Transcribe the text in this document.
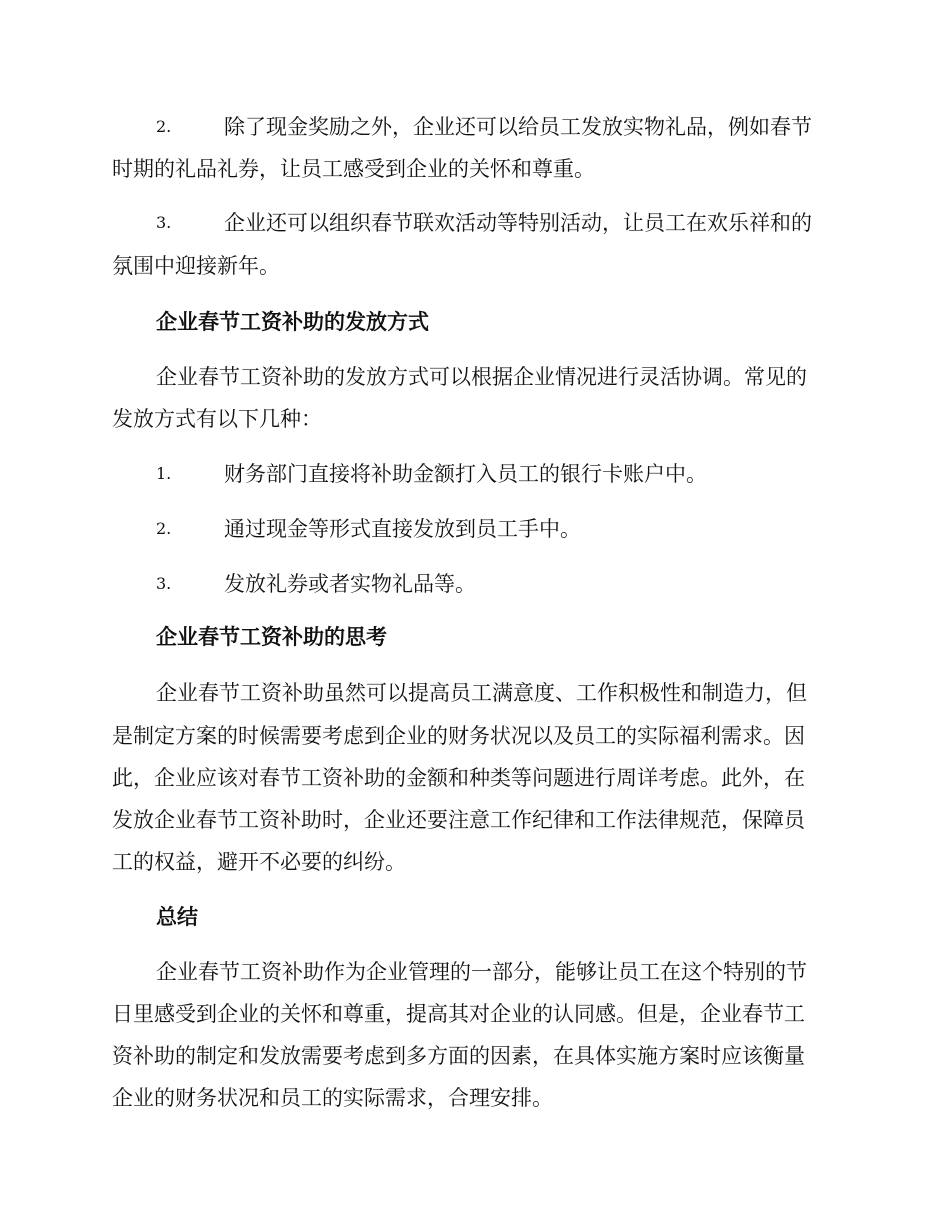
2.	除了现金奖励之外，企业还可以给员工发放实物礼品，例如春节
时期的礼品礼券，让员工感受到企业的关怀和尊重。
3.	企业还可以组织春节联欢活动等特别活动，让员工在欢乐祥和的
氛围中迎接新年。
企业春节工资补助的发放方式
企业春节工资补助的发放方式可以根据企业情况进行灵活协调。常见的
发放方式有以下几种：
1.	财务部门直接将补助金额打入员工的银行卡账户中。
2.	通过现金等形式直接发放到员工手中。
3.	发放礼券或者实物礼品等。
企业春节工资补助的思考
企业春节工资补助虽然可以提高员工满意度、工作积极性和制造力，但
是制定方案的时候需要考虑到企业的财务状况以及员工的实际福利需求。因
此，企业应该对春节工资补助的金额和种类等问题进行周详考虑。此外，在
发放企业春节工资补助时，企业还要注意工作纪律和工作法律规范，保障员
工的权益，避开不必要的纠纷。
总结
企业春节工资补助作为企业管理的一部分，能够让员工在这个特别的节
日里感受到企业的关怀和尊重，提高其对企业的认同感。但是，企业春节工
资补助的制定和发放需要考虑到多方面的因素，在具体实施方案时应该衡量
企业的财务状况和员工的实际需求，合理安排。
